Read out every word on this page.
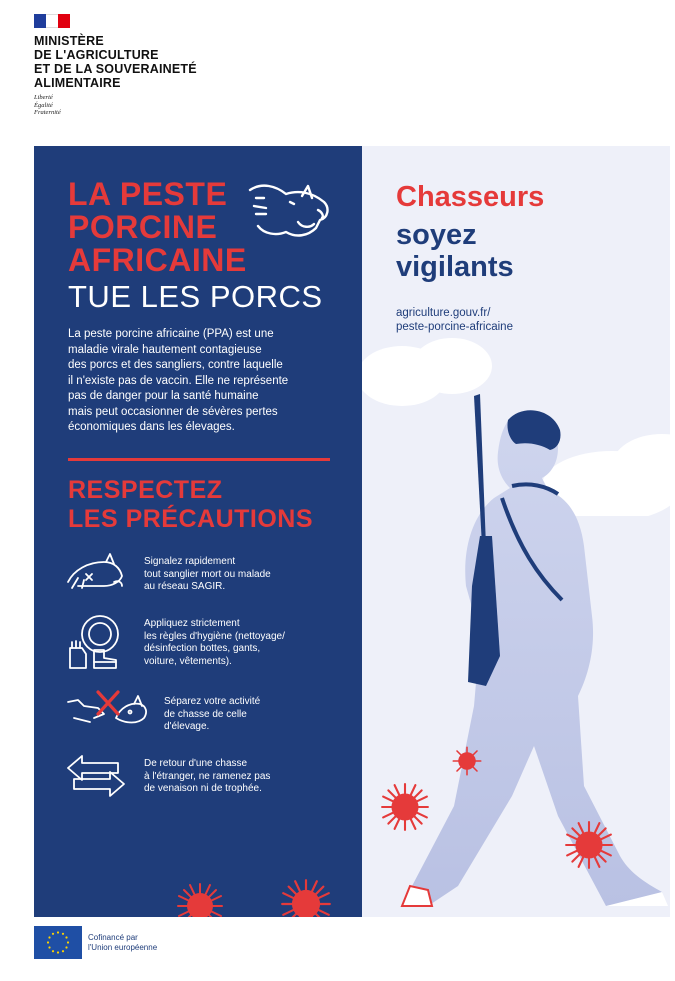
MINISTÈRE
DE L'AGRICULTURE
ET DE LA SOUVERAINETÉ
ALIMENTAIRE
Liberté
Égalité
Fraternité
LA PESTE
PORCINE
AFRICAINE
TUE LES PORCS
La peste porcine africaine (PPA) est une
maladie virale hautement contagieuse
des porcs et des sangliers, contre laquelle
il n'existe pas de vaccin. Elle ne représente
pas de danger pour la santé humaine
mais peut occasionner de sévères pertes
économiques dans les élevages.
RESPECTEZ
LES PRÉCAUTIONS
Signalez rapidement
tout sanglier mort ou malade
au réseau SAGIR.
Appliquez strictement
les règles d'hygiène (nettoyage/
désinfection bottes, gants,
voiture, vêtements).
Séparez votre activité
de chasse de celle
d'élevage.
De retour d'une chasse
à l'étranger, ne ramenez pas
de venaison ni de trophée.
Chasseurs
soyez
vigilants
agriculture.gouv.fr/
peste-porcine-africaine
Cofinancé par
l'Union européenne
